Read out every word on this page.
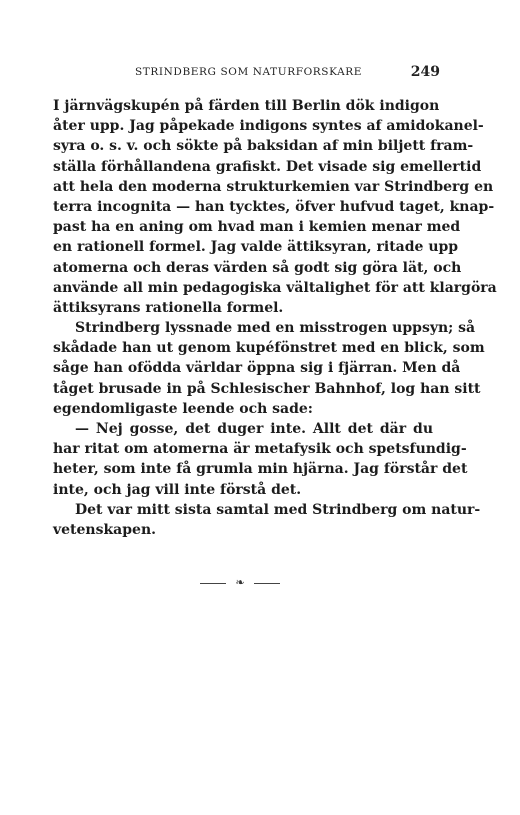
STRINDBERG SOM NATURFORSKARE	249
I järnvägskupén på färden till Berlin dök indigon
åter upp. Jag påpekade indigons syntes af amidokanel-
syra o. s. v. och sökte på baksidan af min biljett fram-
ställa förhållandena grafiskt. Det visade sig emellertid
att hela den moderna strukturkemien var Strindberg en
terra incognita — han tycktes, öfver hufvud taget, knap-
past ha en aning om hvad man i kemien menar med
en rationell formel. Jag valde ättiksyran, ritade upp
atomerna och deras värden så godt sig göra lät, och
använde all min pedagogiska vältalighet för att klargöra
ättiksyrans rationella formel.
Strindberg lyssnade med en misstrogen uppsyn; så
skådade han ut genom kupéfönstret med en blick, som
såge han ofödda världar öppna sig i fjärran. Men då
tåget brusade in på Schlesischer Bahnhof, log han sitt
egendomligaste leende och sade:
— Nej gosse, det duger inte. Allt det där du
har ritat om atomerna är metafysik och spetsfundig-
heter, som inte få grumla min hjärna. Jag förstår det
inte, och jag vill inte förstå det.
Det var mitt sista samtal med Strindberg om natur-
vetenskapen.
❧
